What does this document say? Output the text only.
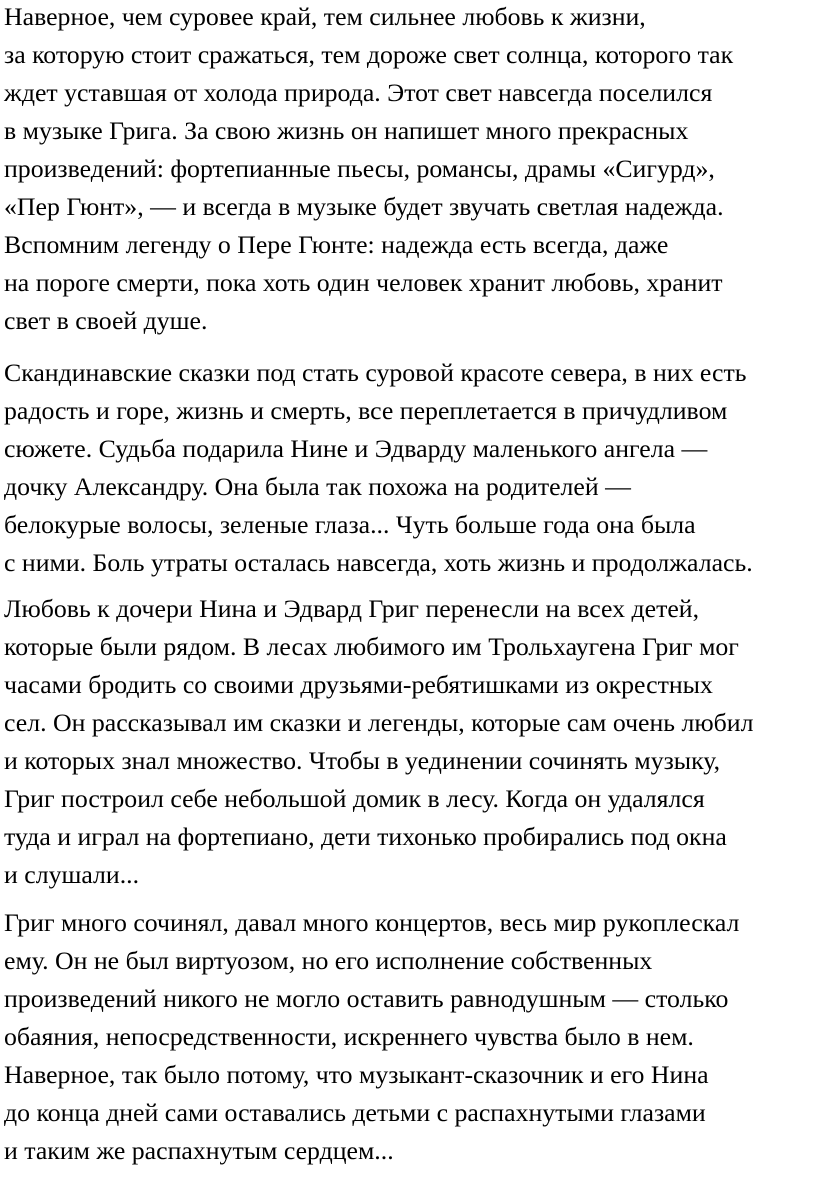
Наверное, чем суровее край, тем сильнее любовь к жизни,
за которую стоит сражаться, тем дороже свет солнца, которого так
ждет уставшая от холода природа. Этот свет навсегда поселился
в музыке Грига. За свою жизнь он напишет много прекрасных
произведений: фортепианные пьесы, романсы, драмы «Сигурд»,
«Пер Гюнт», — и всегда в музыке будет звучать светлая надежда.
Вспомним легенду о Пере Гюнте: надежда есть всегда, даже
на пороге смерти, пока хоть один человек хранит любовь, хранит
свет в своей душе.
Скандинавские сказки под стать суровой красоте севера, в них есть
радость и горе, жизнь и смерть, все переплетается в причудливом
сюжете. Судьба подарила Нине и Эдварду маленького ангела —
дочку Александру. Она была так похожа на родителей —
белокурые волосы, зеленые глаза... Чуть больше года она была
с ними. Боль утраты осталась навсегда, хоть жизнь и продолжалась.
Любовь к дочери Нина и Эдвард Григ перенесли на всех детей,
которые были рядом. В лесах любимого им Трольхаугена Григ мог
часами бродить со своими друзьями-ребятишками из окрестных
сел. Он рассказывал им сказки и легенды, которые сам очень любил
и которых знал множество. Чтобы в уединении сочинять музыку,
Григ построил себе небольшой домик в лесу. Когда он удалялся
туда и играл на фортепиано, дети тихонько пробирались под окна
и слушали...
Григ много сочинял, давал много концертов, весь мир рукоплескал
ему. Он не был виртуозом, но его исполнение собственных
произведений никого не могло оставить равнодушным — столько
обаяния, непосредственности, искреннего чувства было в нем.
Наверное, так было потому, что музыкант-сказочник и его Нина
до конца дней сами оставались детьми с распахнутыми глазами
и таким же распахнутым сердцем...
